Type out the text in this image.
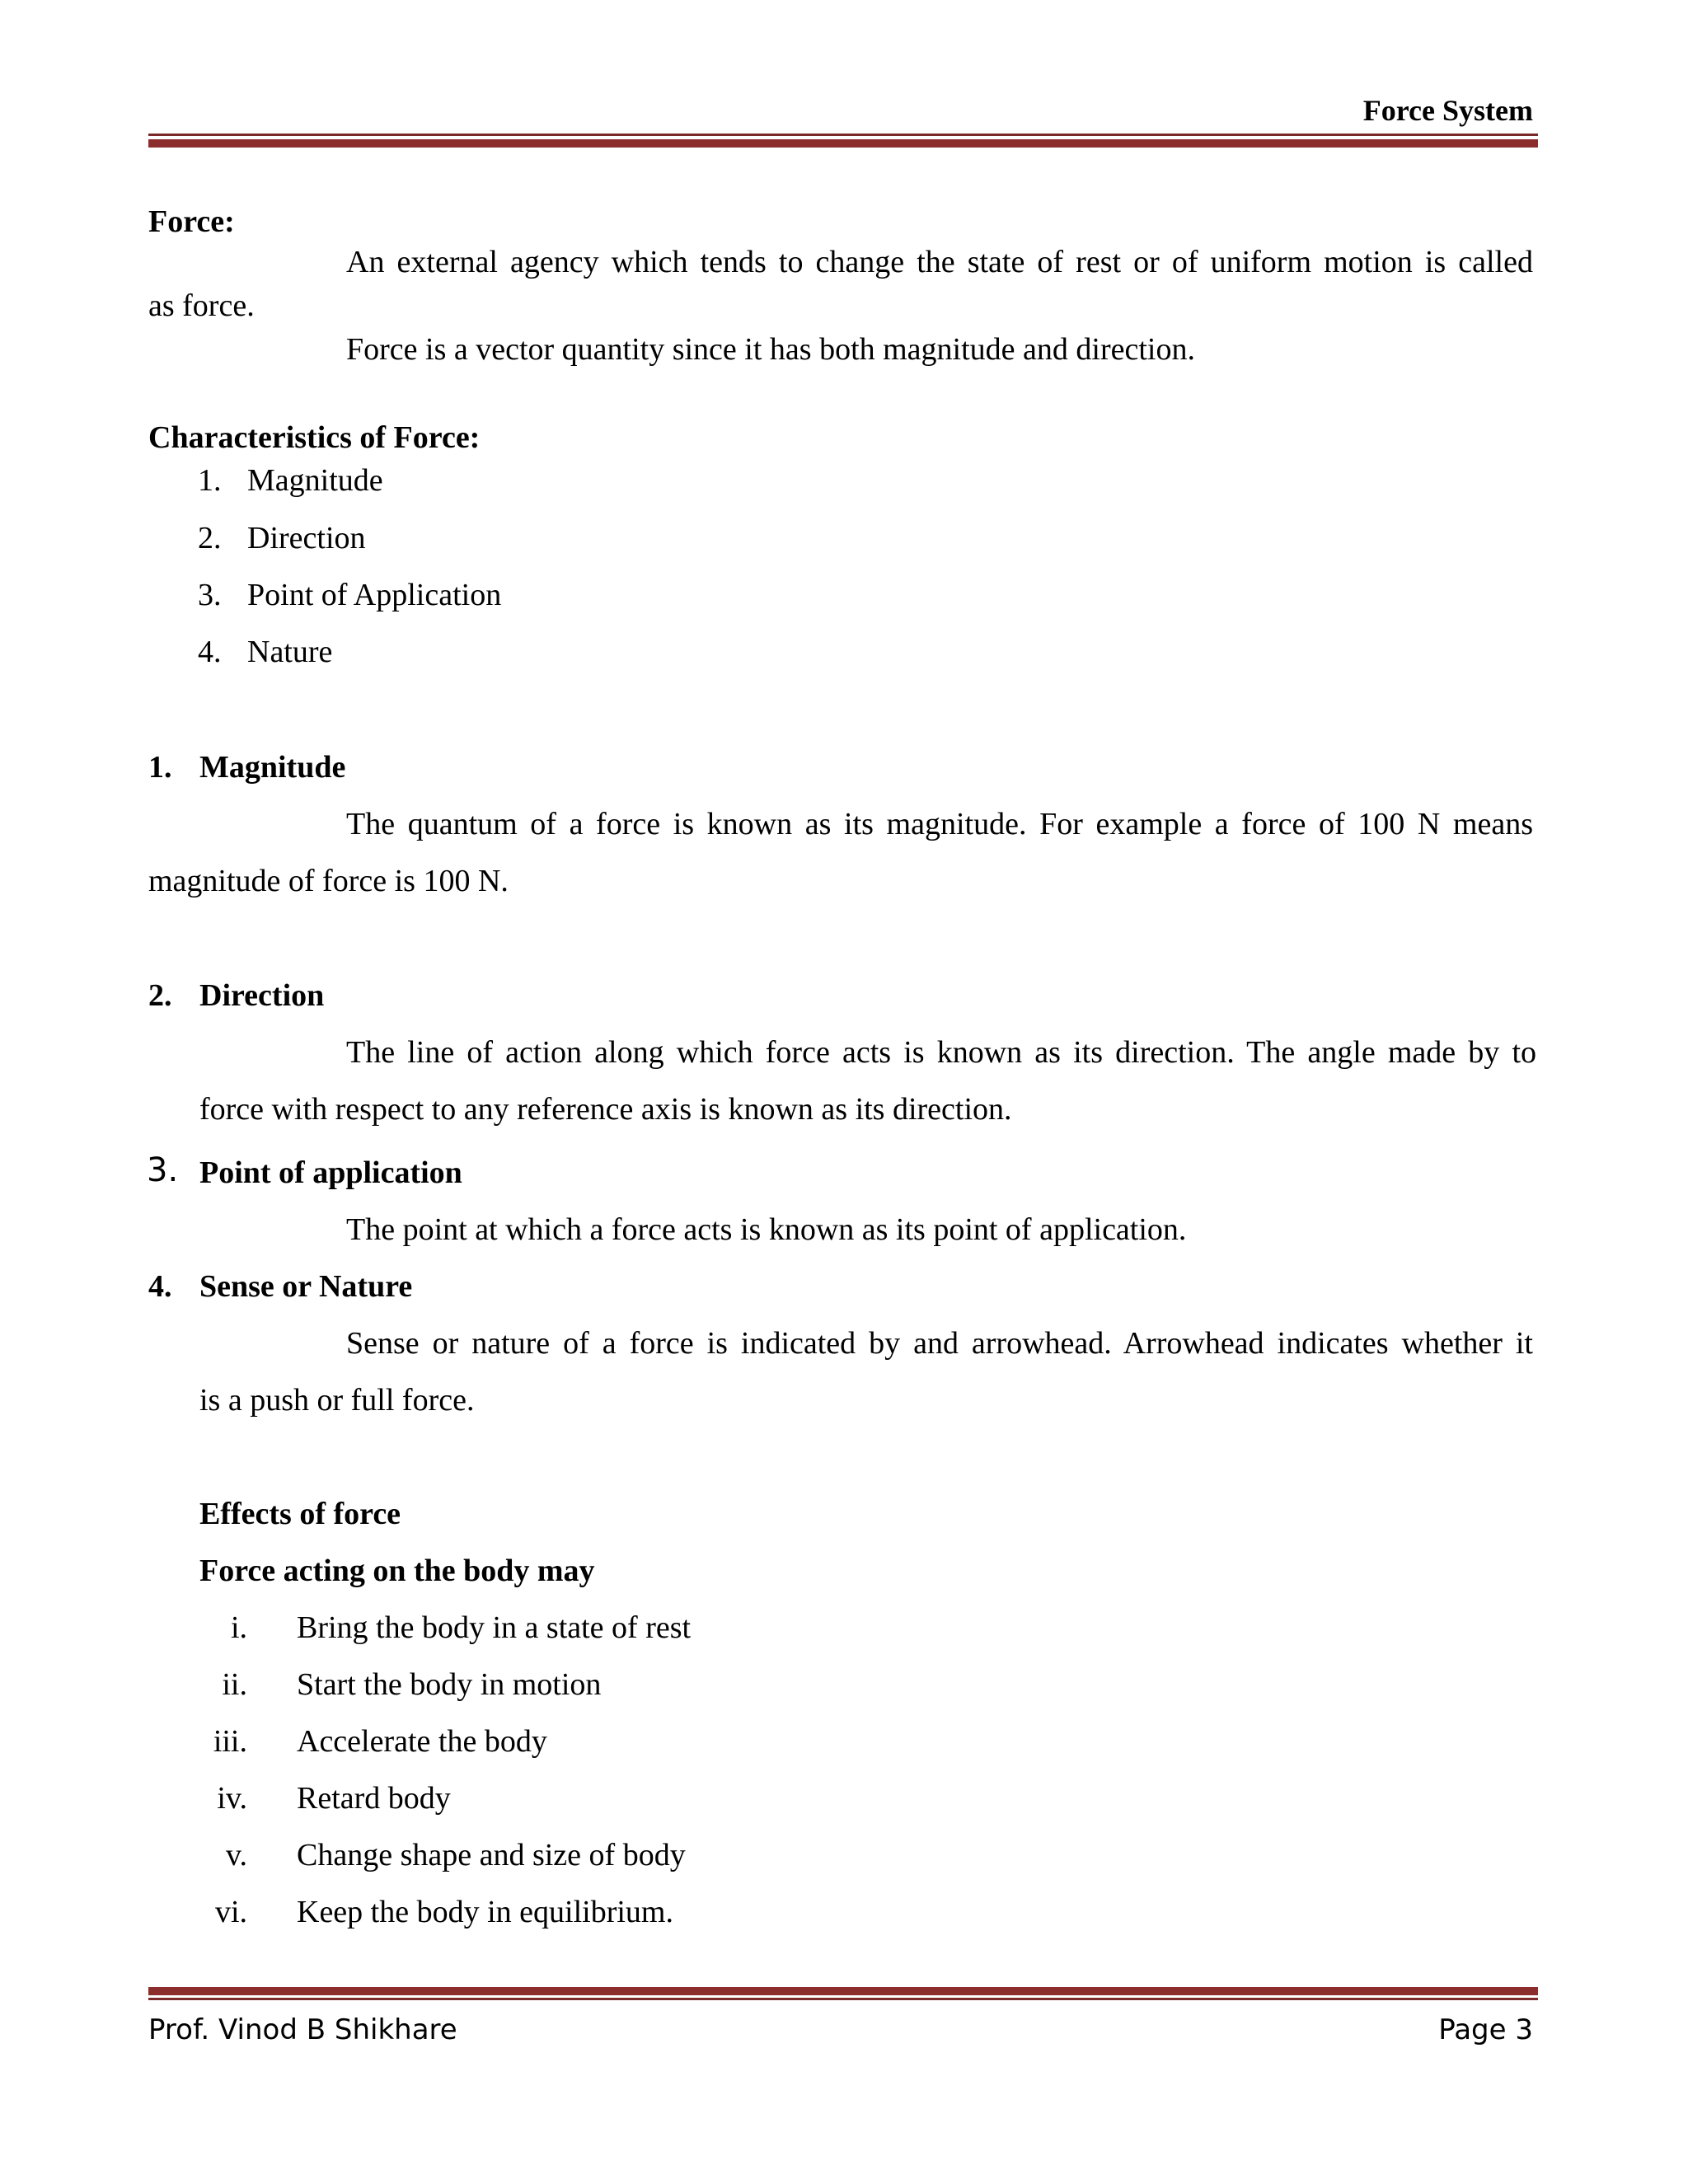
Force System
Force:
An external agency which tends to change the state of rest or of uniform motion is called
as force.
Force is a vector quantity since it has both magnitude and direction.
Characteristics of Force:
1. Magnitude
2. Direction
3. Point of Application
4. Nature
1. Magnitude
The quantum of a force is known as its magnitude. For example a force of 100 N means
magnitude of force is 100 N.
2. Direction
The line of action along which force acts is known as its direction. The angle made by to
force with respect to any reference axis is known as its direction.
3. Point of application
The point at which a force acts is known as its point of application.
4. Sense or Nature
Sense or nature of a force is indicated by and arrowhead. Arrowhead indicates whether it
is a push or full force.
Effects of force
Force acting on the body may
i. Bring the body in a state of rest
ii. Start the body in motion
iii. Accelerate the body
iv. Retard body
v. Change shape and size of body
vi. Keep the body in equilibrium.
Prof. Vinod B Shikhare	Page 3
